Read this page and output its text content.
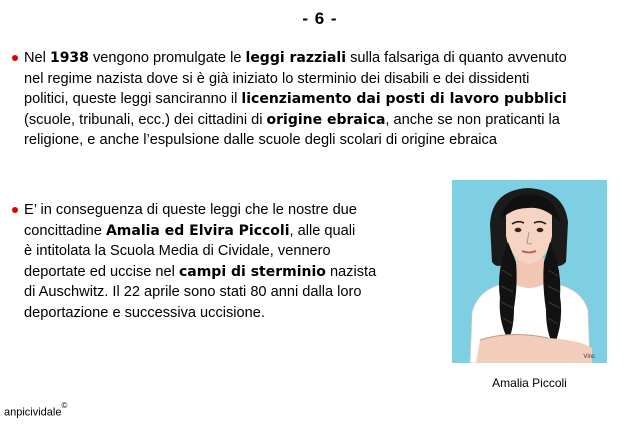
- 6 -
Nel 1938 vengono promulgate le leggi razziali sulla falsariga di quanto avvenuto
nel regime nazista dove si è già iniziato lo sterminio dei disabili e dei dissidenti
politici, queste leggi sanciranno il licenziamento dai posti di lavoro pubblici
(scuole, tribunali, ecc.) dei cittadini di origine ebraica, anche se non praticanti la
religione, e anche l’espulsione dalle scuole degli scolari di origine ebraica
E’ in conseguenza di queste leggi che le nostre due
concittadine Amalia ed Elvira Piccoli, alle quali
è intitolata la Scuola Media di Cividale, vennero
deportate ed uccise nel campi di sterminio nazista
di Auschwitz. Il 22 aprile sono stati 80 anni dalla loro
deportazione e successiva uccisione.
Vinc
Amalia Piccoli
anpicividale©
